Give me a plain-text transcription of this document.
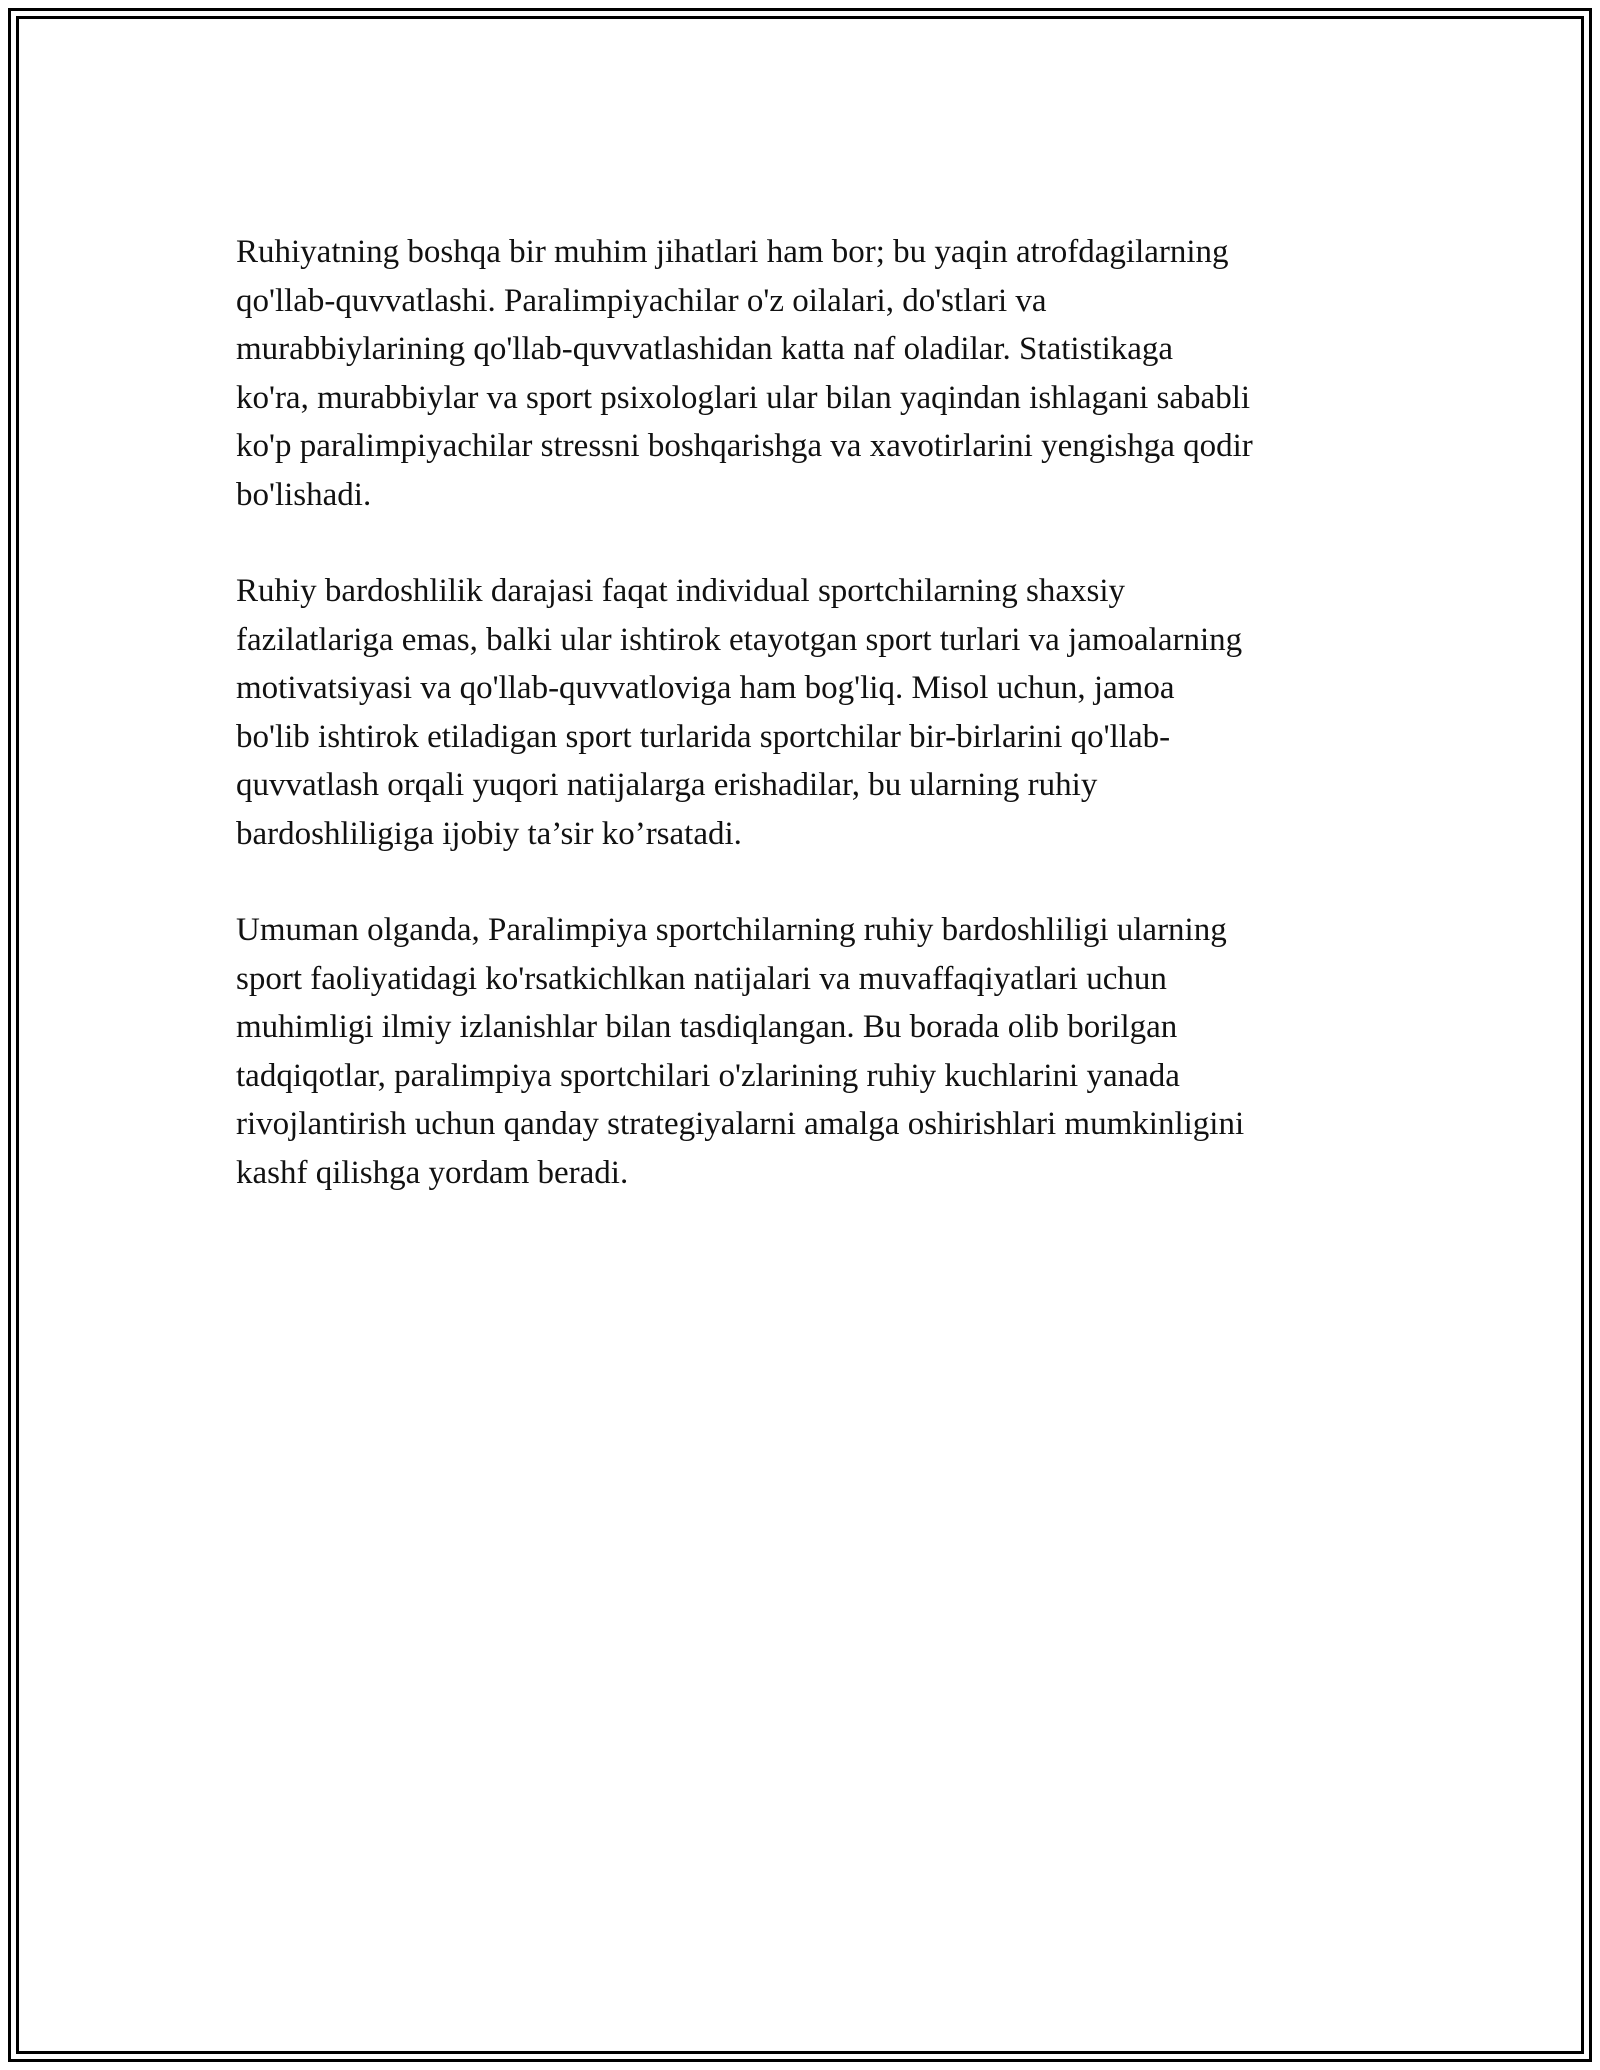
Ruhiyatning boshqa bir muhim jihatlari ham bor; bu yaqin atrofdagilarning
qo'llab-quvvatlashi. Paralimpiyachilar o'z oilalari, do'stlari va
murabbiylarining qo'llab-quvvatlashidan katta naf oladilar. Statistikaga
ko'ra, murabbiylar va sport psixologlari ular bilan yaqindan ishlagani sababli
ko'p paralimpiyachilar stressni boshqarishga va xavotirlarini yengishga qodir
bo'lishadi.

Ruhiy bardoshlilik darajasi faqat individual sportchilarning shaxsiy
fazilatlariga emas, balki ular ishtirok etayotgan sport turlari va jamoalarning
motivatsiyasi va qo'llab-quvvatloviga ham bog'liq. Misol uchun, jamoa
bo'lib ishtirok etiladigan sport turlarida sportchilar bir-birlarini qo'llab-
quvvatlash orqali yuqori natijalarga erishadilar, bu ularning ruhiy
bardoshliligiga ijobiy ta’sir ko’rsatadi.

Umuman olganda, Paralimpiya sportchilarning ruhiy bardoshliligi ularning
sport faoliyatidagi ko'rsatkichlkan natijalari va muvaffaqiyatlari uchun
muhimligi ilmiy izlanishlar bilan tasdiqlangan. Bu borada olib borilgan
tadqiqotlar, paralimpiya sportchilari o'zlarining ruhiy kuchlarini yanada
rivojlantirish uchun qanday strategiyalarni amalga oshirishlari mumkinligini
kashf qilishga yordam beradi.
